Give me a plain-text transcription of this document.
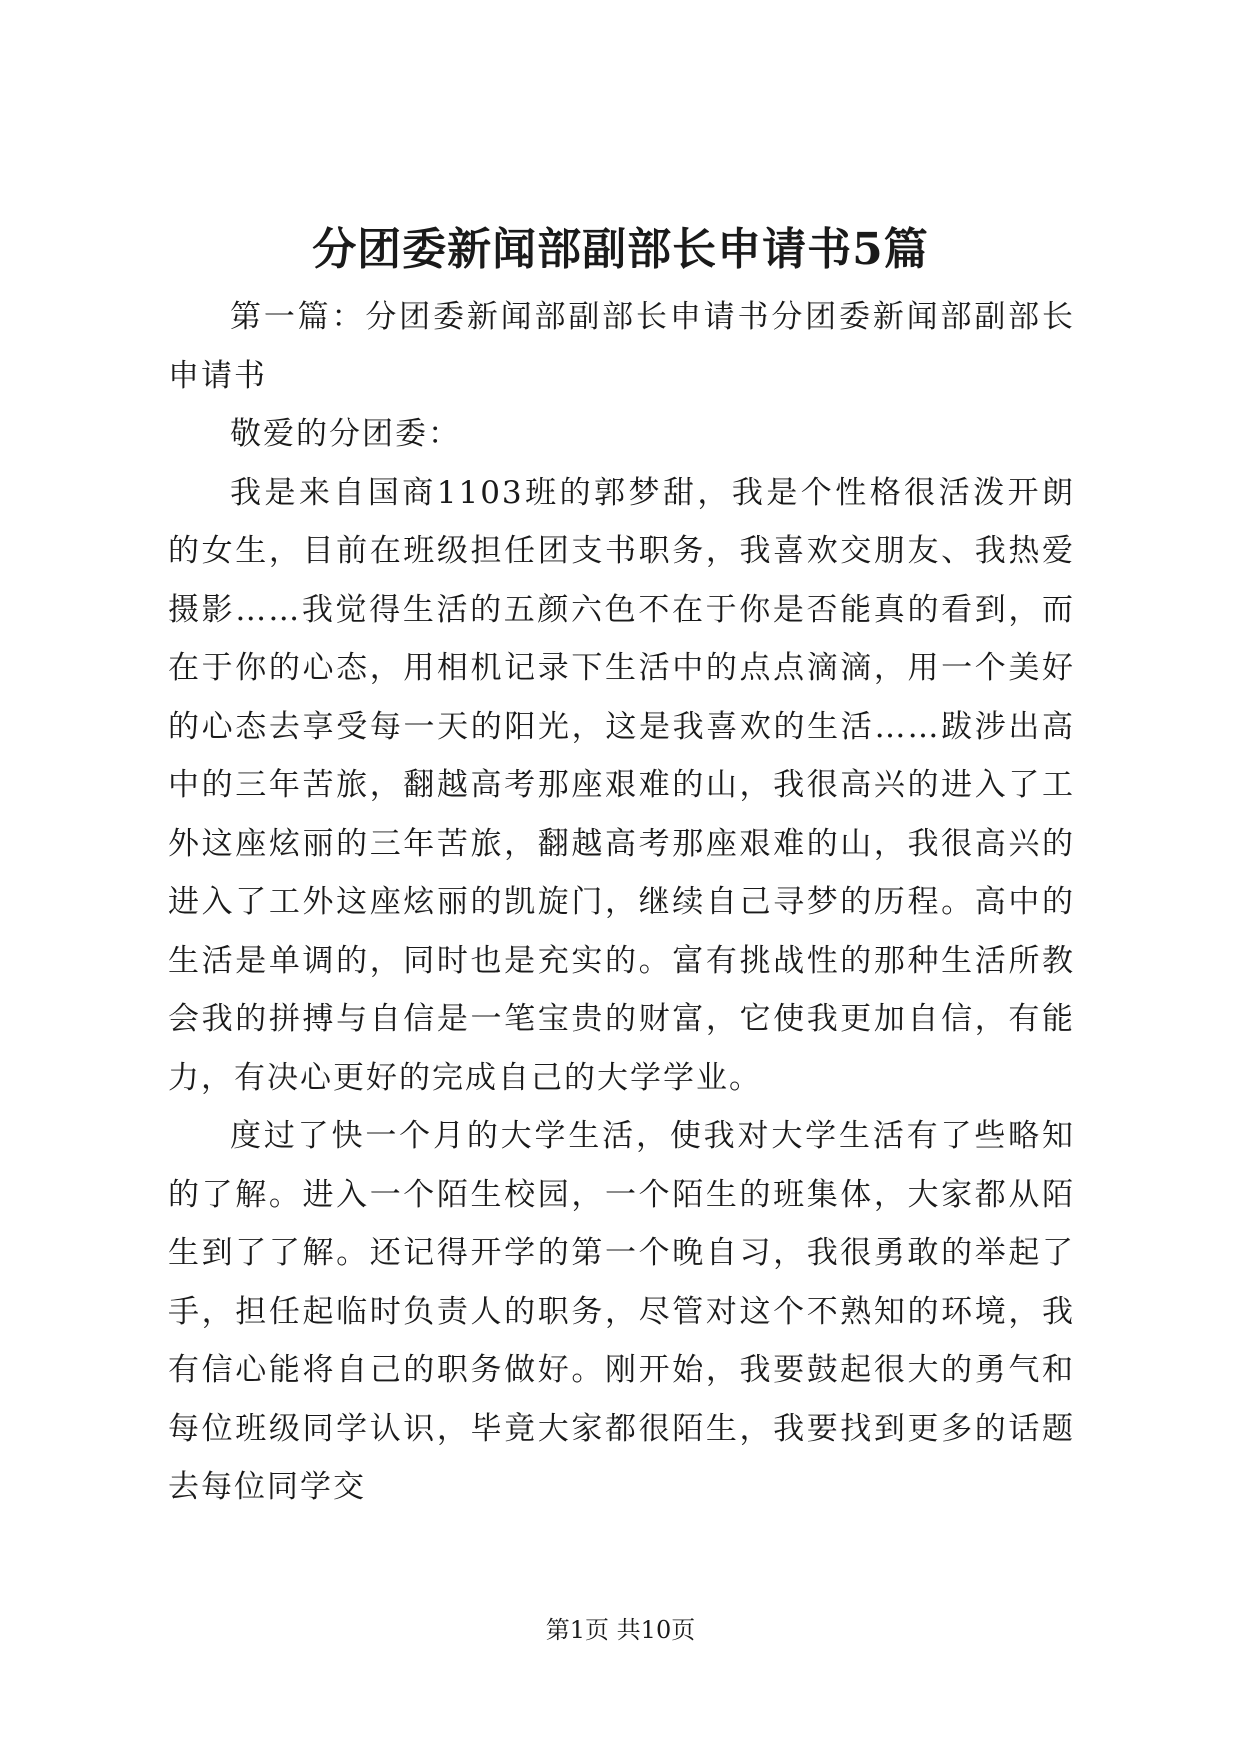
分团委新闻部副部长申请书5篇

第一篇：分团委新闻部副部长申请书分团委新闻部副部长申请书

敬爱的分团委：

我是来自国商1103班的郭梦甜，我是个性格很活泼开朗的女生，目前在班级担任团支书职务，我喜欢交朋友、我热爱摄影……我觉得生活的五颜六色不在于你是否能真的看到，而在于你的心态，用相机记录下生活中的点点滴滴，用一个美好的心态去享受每一天的阳光，这是我喜欢的生活……跋涉出高中的三年苦旅，翻越高考那座艰难的山，我很高兴的进入了工外这座炫丽的三年苦旅，翻越高考那座艰难的山，我很高兴的进入了工外这座炫丽的凯旋门，继续自己寻梦的历程。高中的生活是单调的，同时也是充实的。富有挑战性的那种生活所教会我的拼搏与自信是一笔宝贵的财富，它使我更加自信，有能力，有决心更好的完成自己的大学学业。

度过了快一个月的大学生活，使我对大学生活有了些略知的了解。进入一个陌生校园，一个陌生的班集体，大家都从陌生到了了解。还记得开学的第一个晚自习，我很勇敢的举起了手，担任起临时负责人的职务，尽管对这个不熟知的环境，我有信心能将自己的职务做好。刚开始，我要鼓起很大的勇气和每位班级同学认识，毕竟大家都很陌生，我要找到更多的话题去每位同学交

第1页 共10页
